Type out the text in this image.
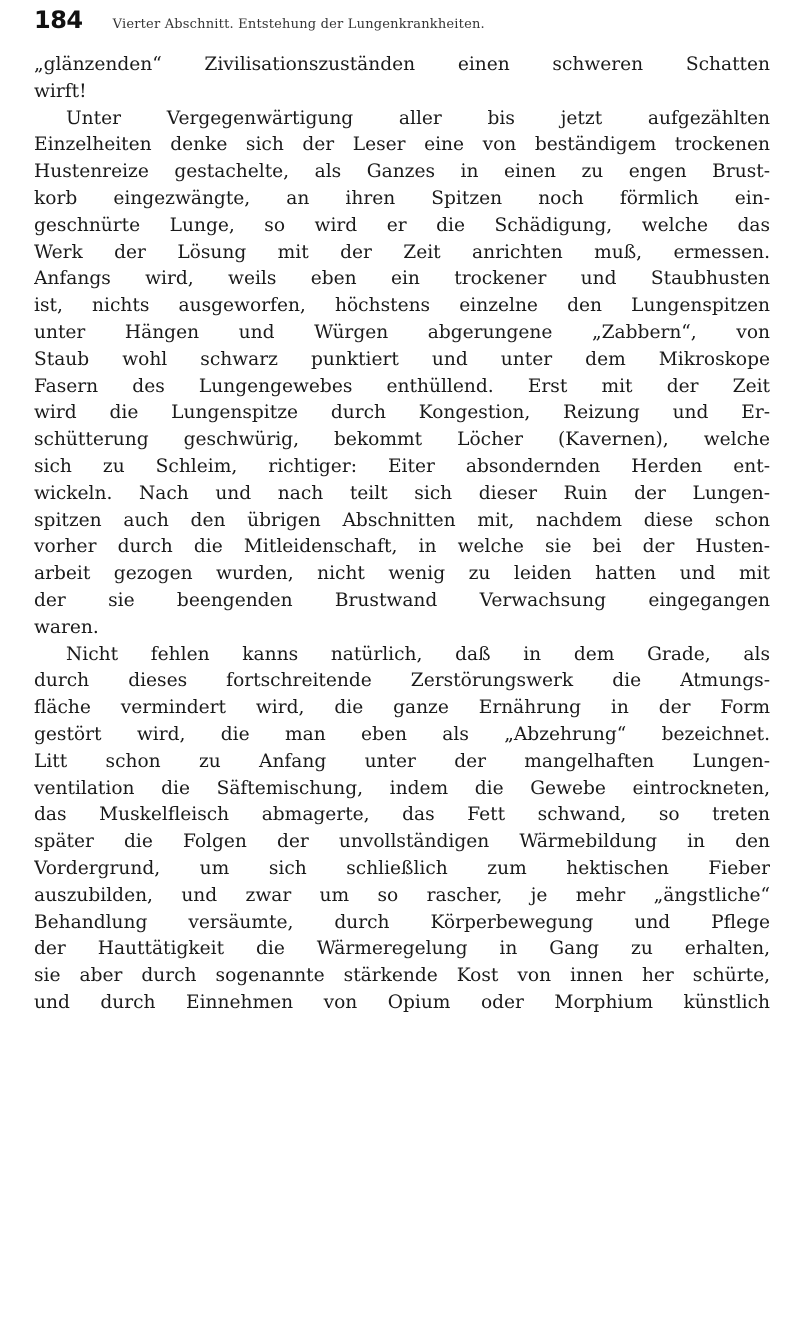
184 Vierter Abschnitt. Entstehung der Lungenkrankheiten.
„glänzenden“ Zivilisationszuständen einen schweren Schatten
wirft!
Unter Vergegenwärtigung aller bis jetzt aufgezählten
Einzelheiten denke sich der Leser eine von beständigem trockenen
Hustenreize gestachelte, als Ganzes in einen zu engen Brust-
korb eingezwängte, an ihren Spitzen noch förmlich ein-
geschnürte Lunge, so wird er die Schädigung, welche das
Werk der Lösung mit der Zeit anrichten muß, ermessen.
Anfangs wird, weils eben ein trockener und Staubhusten
ist, nichts ausgeworfen, höchstens einzelne den Lungenspitzen
unter Hängen und Würgen abgerungene „Zabbern“, von
Staub wohl schwarz punktiert und unter dem Mikroskope
Fasern des Lungengewebes enthüllend. Erst mit der Zeit
wird die Lungenspitze durch Kongestion, Reizung und Er-
schütterung geschwürig, bekommt Löcher (Kavernen), welche
sich zu Schleim, richtiger: Eiter absondernden Herden ent-
wickeln. Nach und nach teilt sich dieser Ruin der Lungen-
spitzen auch den übrigen Abschnitten mit, nachdem diese schon
vorher durch die Mitleidenschaft, in welche sie bei der Husten-
arbeit gezogen wurden, nicht wenig zu leiden hatten und mit
der sie beengenden Brustwand Verwachsung eingegangen
waren.
Nicht fehlen kanns natürlich, daß in dem Grade, als
durch dieses fortschreitende Zerstörungswerk die Atmungs-
fläche vermindert wird, die ganze Ernährung in der Form
gestört wird, die man eben als „Abzehrung“ bezeichnet.
Litt schon zu Anfang unter der mangelhaften Lungen-
ventilation die Säftemischung, indem die Gewebe eintrockneten,
das Muskelfleisch abmagerte, das Fett schwand, so treten
später die Folgen der unvollständigen Wärmebildung in den
Vordergrund, um sich schließlich zum hektischen Fieber
auszubilden, und zwar um so rascher, je mehr „ängstliche“
Behandlung versäumte, durch Körperbewegung und Pflege
der Hauttätigkeit die Wärmeregelung in Gang zu erhalten,
sie aber durch sogenannte stärkende Kost von innen her schürte,
und durch Einnehmen von Opium oder Morphium künstlich
